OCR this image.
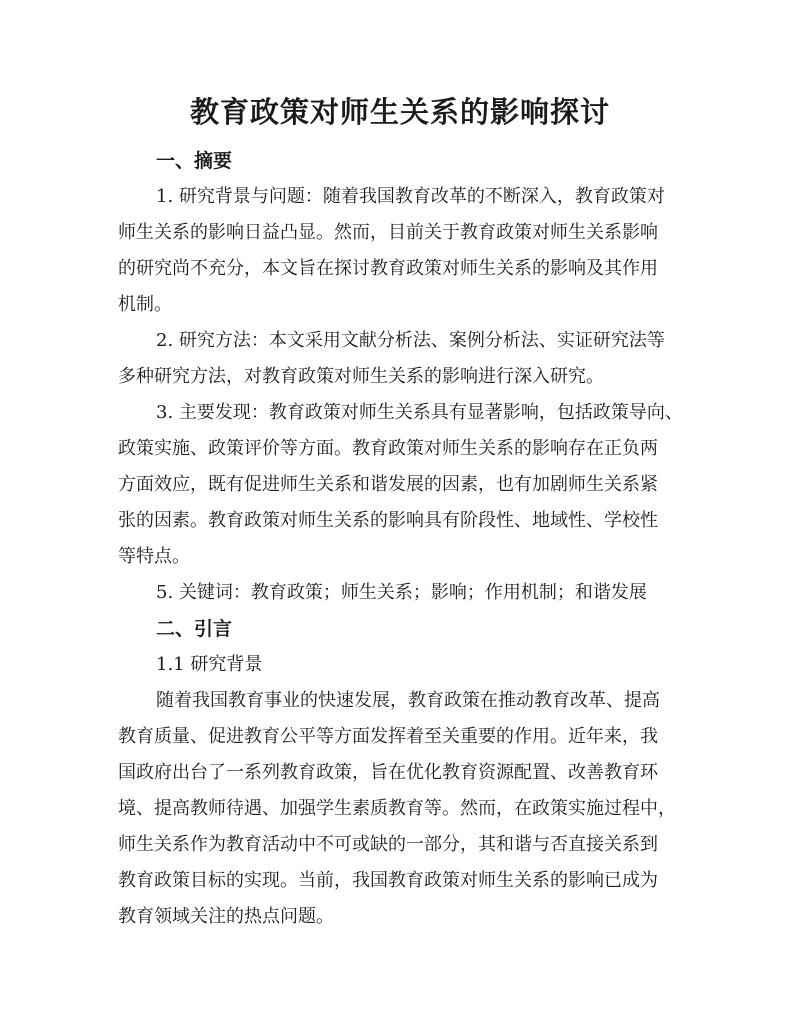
教育政策对师生关系的影响探讨
一、摘要

1. 研究背景与问题：随着我国教育改革的不断深入，教育政策对

师生关系的影响日益凸显。然而，目前关于教育政策对师生关系影响

的研究尚不充分，本文旨在探讨教育政策对师生关系的影响及其作用

机制。

2. 研究方法：本文采用文献分析法、案例分析法、实证研究法等

多种研究方法，对教育政策对师生关系的影响进行深入研究。

3. 主要发现：教育政策对师生关系具有显著影响，包括政策导向、

政策实施、政策评价等方面。教育政策对师生关系的影响存在正负两

方面效应，既有促进师生关系和谐发展的因素，也有加剧师生关系紧

张的因素。教育政策对师生关系的影响具有阶段性、地域性、学校性

等特点。

5. 关键词：教育政策；师生关系；影响；作用机制；和谐发展

二、引言

1.1 研究背景

随着我国教育事业的快速发展，教育政策在推动教育改革、提高

教育质量、促进教育公平等方面发挥着至关重要的作用。近年来，我

国政府出台了一系列教育政策，旨在优化教育资源配置、改善教育环

境、提高教师待遇、加强学生素质教育等。然而，在政策实施过程中，

师生关系作为教育活动中不可或缺的一部分，其和谐与否直接关系到

教育政策目标的实现。当前，我国教育政策对师生关系的影响已成为

教育领域关注的热点问题。
